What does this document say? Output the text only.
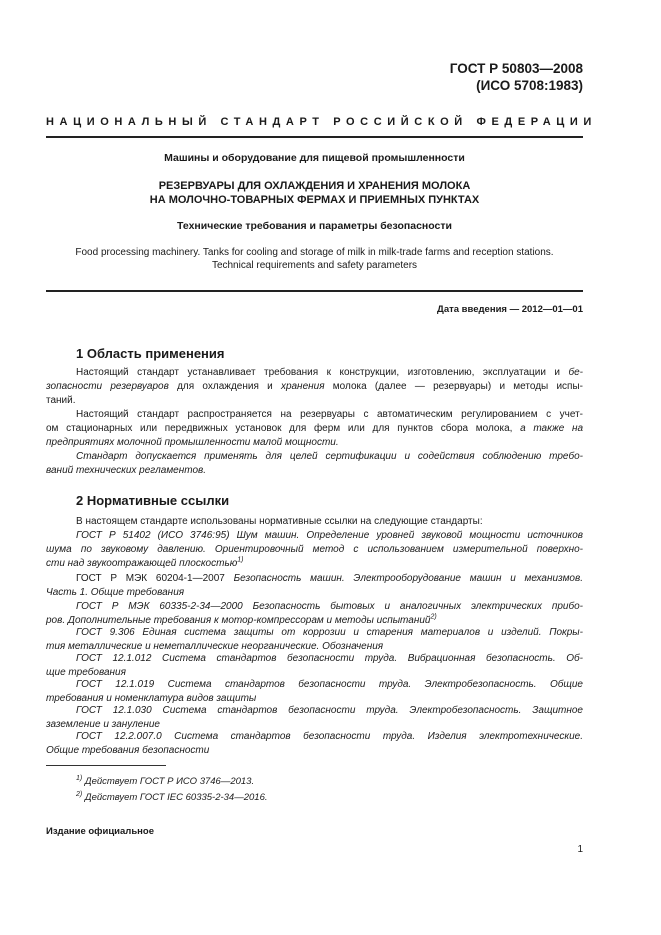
ГОСТ Р 50803—2008
(ИСО 5708:1983)
НАЦИОНАЛЬНЫЙ СТАНДАРТ РОССИЙСКОЙ ФЕДЕРАЦИИ
Машины и оборудование для пищевой промышленности
РЕЗЕРВУАРЫ ДЛЯ ОХЛАЖДЕНИЯ И ХРАНЕНИЯ МОЛОКА
НА МОЛОЧНО-ТОВАРНЫХ ФЕРМАХ И ПРИЕМНЫХ ПУНКТАХ
Технические требования и параметры безопасности
Food processing machinery. Tanks for cooling and storage of milk in milk-trade farms and reception stations.
Technical requirements and safety parameters
Дата введения — 2012—01—01
1 Область применения
Настоящий стандарт устанавливает требования к конструкции, изготовлению, эксплуатации и бе-
зопасности резервуаров для охлаждения и хранения молока (далее — резервуары) и методы испы-
таний.
Настоящий стандарт распространяется на резервуары с автоматическим регулированием с учет-
ом стационарных или передвижных установок для ферм или для пунктов сбора молока, а также на
предприятиях молочной промышленности малой мощности.
Стандарт допускается применять для целей сертификации и содействия соблюдению требо-
ваний технических регламентов.
2 Нормативные ссылки
В настоящем стандарте использованы нормативные ссылки на следующие стандарты:
ГОСТ Р 51402 (ИСО 3746:95) Шум машин. Определение уровней звуковой мощности источников
шума по звуковому давлению. Ориентировочный метод с использованием измерительной поверхно-
сти над звукоотражающей плоскостью$^{1)}$
ГОСТ Р МЭК 60204-1—2007 Безопасность машин. Электрооборудование машин и механизмов.
Часть 1. Общие требования
ГОСТ Р МЭК 60335-2-34—2000 Безопасность бытовых и аналогичных электрических прибо-
ров. Дополнительные требования к мотор-компрессорам и методы испытаний$^{2)}$
ГОСТ 9.306 Единая система защиты от коррозии и старения материалов и изделий. Покры-
тия металлические и неметаллические неорганические. Обозначения
ГОСТ 12.1.012 Система стандартов безопасности труда. Вибрационная безопасность. Об-
щие требования
ГОСТ 12.1.019 Система стандартов безопасности труда. Электробезопасность. Общие
требования и номенклатура видов защиты
ГОСТ 12.1.030 Система стандартов безопасности труда. Электробезопасность. Защитное
заземление и зануление
ГОСТ 12.2.007.0 Система стандартов безопасности труда. Изделия электротехнические.
Общие требования безопасности
$^{1)}$ Действует ГОСТ Р ИСО 3746—2013.
$^{2)}$ Действует ГОСТ IEC 60335-2-34—2016.
Издание официальное
1
